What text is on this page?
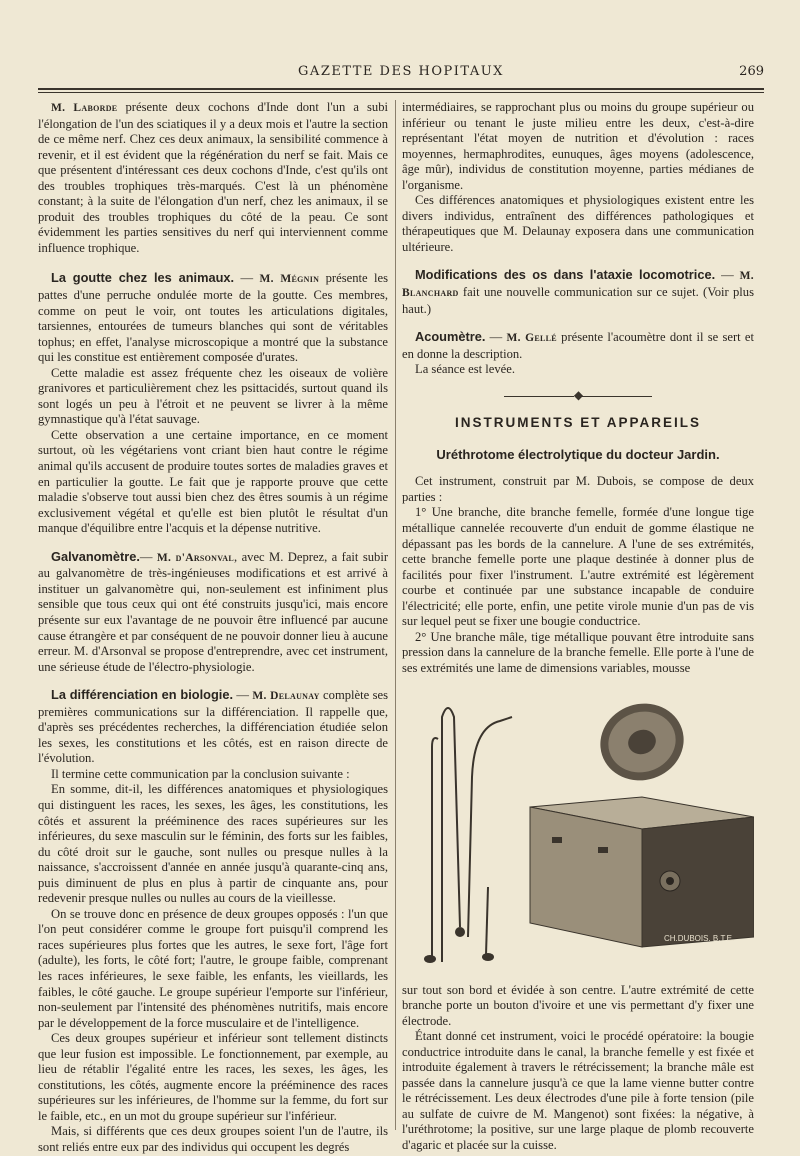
GAZETTE DES HOPITAUX	269

M. Laborde présente deux cochons d'Inde dont l'un a subi l'élongation de l'un des sciatiques il y a deux mois et l'autre la section de ce même nerf. Chez ces deux animaux, la sensibilité commence à revenir, et il est évident que la régénération du nerf se fait. Mais ce que présentent d'intéressant ces deux cochons d'Inde, c'est qu'ils ont des troubles trophiques très-marqués. C'est là un phénomène constant; à la suite de l'élongation d'un nerf, chez les animaux, il se produit des troubles trophiques du côté de la peau. Ce sont évidemment les parties sensitives du nerf qui interviennent comme influence trophique.

La goutte chez les animaux. — M. Mégnin présente les pattes d'une perruche ondulée morte de la goutte. Ces membres, comme on peut le voir, ont toutes les articulations digitales, tarsiennes, entourées de tumeurs blanches qui sont de véritables tophus; en effet, l'analyse microscopique a montré que la substance qui les constitue est entièrement composée d'urates.

Cette maladie est assez fréquente chez les oiseaux de volière granivores et particulièrement chez les psittacidés, surtout quand ils sont logés un peu à l'étroit et ne peuvent se livrer à la même gymnastique qu'à l'état sauvage.

Cette observation a une certaine importance, en ce moment surtout, où les végétariens vont criant bien haut contre le régime animal qu'ils accusent de produire toutes sortes de maladies graves et en particulier la goutte. Le fait que je rapporte prouve que cette maladie s'observe tout aussi bien chez des êtres soumis à un régime exclusivement végétal et qu'elle est bien plutôt le résultat d'un manque d'équilibre entre l'acquis et la dépense nutritive.

Galvanomètre.— M. d'Arsonval, avec M. Deprez, a fait subir au galvanomètre de très-ingénieuses modifications et est arrivé à instituer un galvanomètre qui, non-seulement est infiniment plus sensible que tous ceux qui ont été construits jusqu'ici, mais encore présente sur eux l'avantage de ne pouvoir être influencé par aucune cause étrangère et par conséquent de ne pouvoir donner lieu à aucune erreur. M. d'Arsonval se propose d'entreprendre, avec cet instrument, une sérieuse étude de l'électro-physiologie.

La différenciation en biologie. — M. Delaunay complète ses premières communications sur la différenciation. Il rappelle que, d'après ses précédentes recherches, la différenciation étudiée selon les sexes, les constitutions et les côtés, est en raison directe de l'évolution.

Il termine cette communication par la conclusion suivante :

En somme, dit-il, les différences anatomiques et physiologiques qui distinguent les races, les sexes, les âges, les constitutions, les côtés et assurent la prééminence des races supérieures sur les inférieures, du sexe masculin sur le féminin, des forts sur les faibles, du côté droit sur le gauche, sont nulles ou presque nulles à la naissance, s'accroissent d'année en année jusqu'à quarante-cinq ans, puis diminuent de plus en plus à partir de cinquante ans, pour redevenir presque nulles ou nulles au cours de la vieillesse.

On se trouve donc en présence de deux groupes opposés : l'un que l'on peut considérer comme le groupe fort puisqu'il comprend les races supérieures plus fortes que les autres, le sexe fort, l'âge fort (adulte), les forts, le côté fort; l'autre, le groupe faible, comprenant les races inférieures, le sexe faible, les enfants, les vieillards, les faibles, le côté gauche. Le groupe supérieur l'emporte sur l'inférieur, non-seulement par l'intensité des phénomènes nutritifs, mais encore par le développement de la force musculaire et de l'intelligence.

Ces deux groupes supérieur et inférieur sont tellement distincts que leur fusion est impossible. Le fonctionnement, par exemple, au lieu de rétablir l'égalité entre les races, les sexes, les âges, les constitutions, les côtés, augmente encore la prééminence des races supérieures sur les inférieures, de l'homme sur la femme, du fort sur le faible, etc., en un mot du groupe supérieur sur l'inférieur.

Mais, si différents que ces deux groupes soient l'un de l'autre, ils sont reliés entre eux par des individus qui occupent les degrés

intermédiaires, se rapprochant plus ou moins du groupe supérieur ou inférieur ou tenant le juste milieu entre les deux, c'est-à-dire représentant l'état moyen de nutrition et d'évolution : races moyennes, hermaphrodites, eunuques, âges moyens (adolescence, âge mûr), individus de constitution moyenne, parties médianes de l'organisme.

Ces différences anatomiques et physiologiques existent entre les divers individus, entraînent des différences pathologiques et thérapeutiques que M. Delaunay exposera dans une communication ultérieure.

Modifications des os dans l'ataxie locomotrice. — M. Blanchard fait une nouvelle communication sur ce sujet. (Voir plus haut.)

Acoumètre. — M. Gellé présente l'acoumètre dont il se sert et en donne la description.

La séance est levée.

◆
INSTRUMENTS ET APPAREILS
Uréthrotome électrolytique du docteur Jardin.

Cet instrument, construit par M. Dubois, se compose de deux parties :

1° Une branche, dite branche femelle, formée d'une longue tige métallique cannelée recouverte d'un enduit de gomme élastique ne dépassant pas les bords de la cannelure. A l'une de ses extrémités, cette branche femelle porte une plaque destinée à donner plus de facilités pour fixer l'instrument. L'autre extrémité est légèrement courbe et continuée par une substance incapable de conduire l'électricité; elle porte, enfin, une petite virole munie d'un pas de vis sur lequel peut se fixer une bougie conductrice.

2° Une branche mâle, tige métallique pouvant être introduite sans pression dans la cannelure de la branche femelle. Elle porte à l'une de ses extrémités une lame de dimensions variables, mousse

CH.DUBOIS. B.T.E.

sur tout son bord et évidée à son centre. L'autre extrémité de cette branche porte un bouton d'ivoire et une vis permettant d'y fixer une électrode.

Étant donné cet instrument, voici le procédé opératoire: la bougie conductrice introduite dans le canal, la branche femelle y est fixée et introduite également à travers le rétrécissement; la branche mâle est passée dans la cannelure jusqu'à ce que la lame vienne butter contre le rétrécissement. Les deux électrodes d'une pile à forte tension (pile au sulfate de cuivre de M. Mangenot) sont fixées: la négative, à l'uréthrotome; la positive, sur une large plaque de plomb recouverte d'agaric et placée sur la cuisse.
